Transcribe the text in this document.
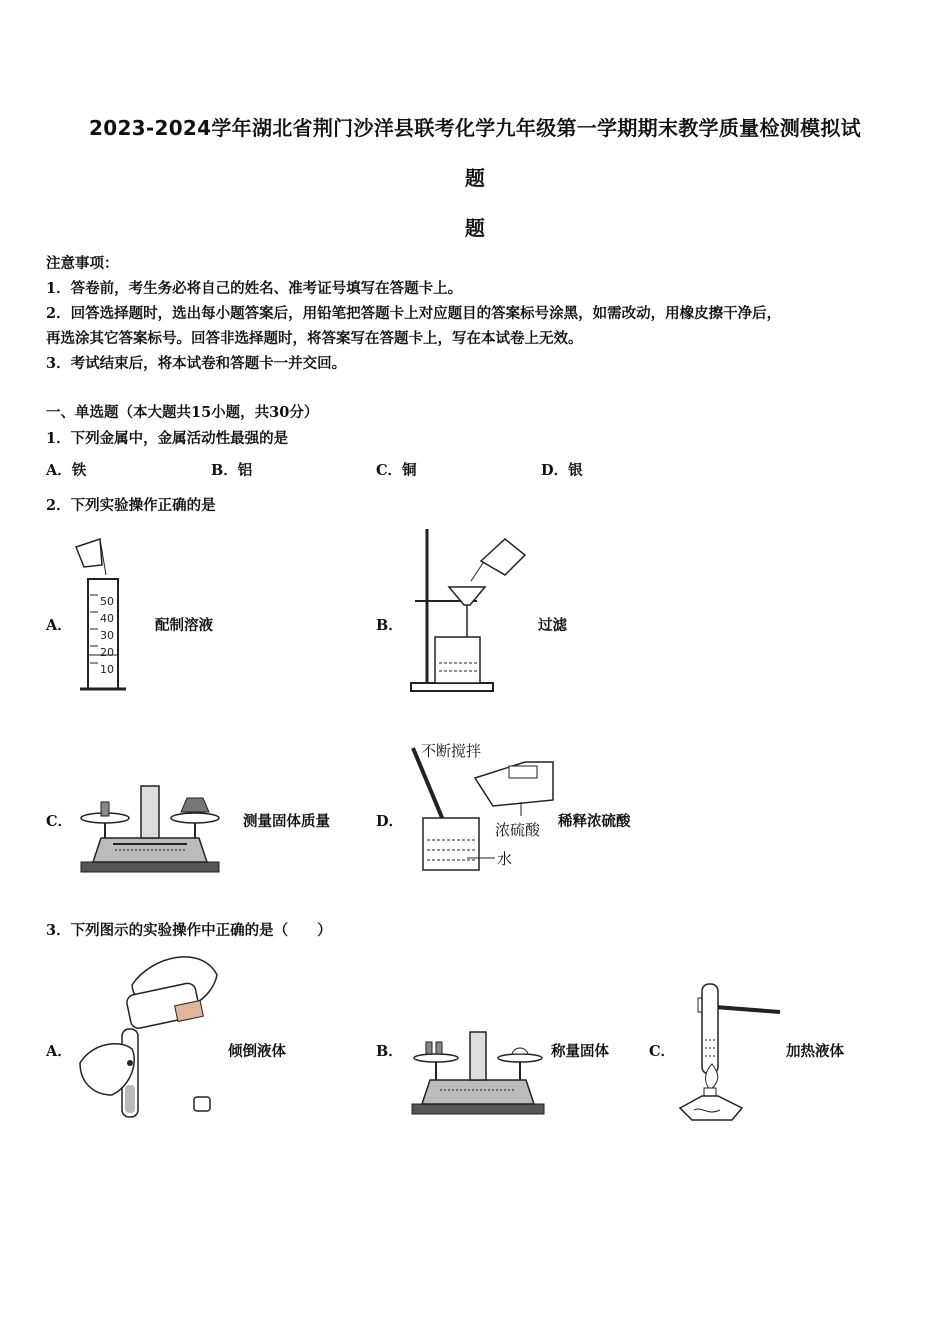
2023-2024学年湖北省荆门沙洋县联考化学九年级第一学期期末教学质量检测模拟试
题
题
注意事项：
1．答卷前，考生务必将自己的姓名、准考证号填写在答题卡上。
2．回答选择题时，选出每小题答案后，用铅笔把答题卡上对应题目的答案标号涂黑，如需改动，用橡皮擦干净后，
再选涂其它答案标号。回答非选择题时，将答案写在答题卡上，写在本试卷上无效。
3．考试结束后，将本试卷和答题卡一并交回。
一、单选题（本大题共15小题，共30分）
1．下列金属中，金属活动性最强的是
A．铁	B．铝	C．铜	D．银
2．下列实验操作正确的是
A．
50
40
30
20
10
配制溶液	B．	过滤
C．	测量固体质量	D．
不断搅拌
浓硫酸
水
稀释浓硫酸
3．下列图示的实验操作中正确的是（　　）
A．	倾倒液体	B．	称量固体	C．	加热液体
